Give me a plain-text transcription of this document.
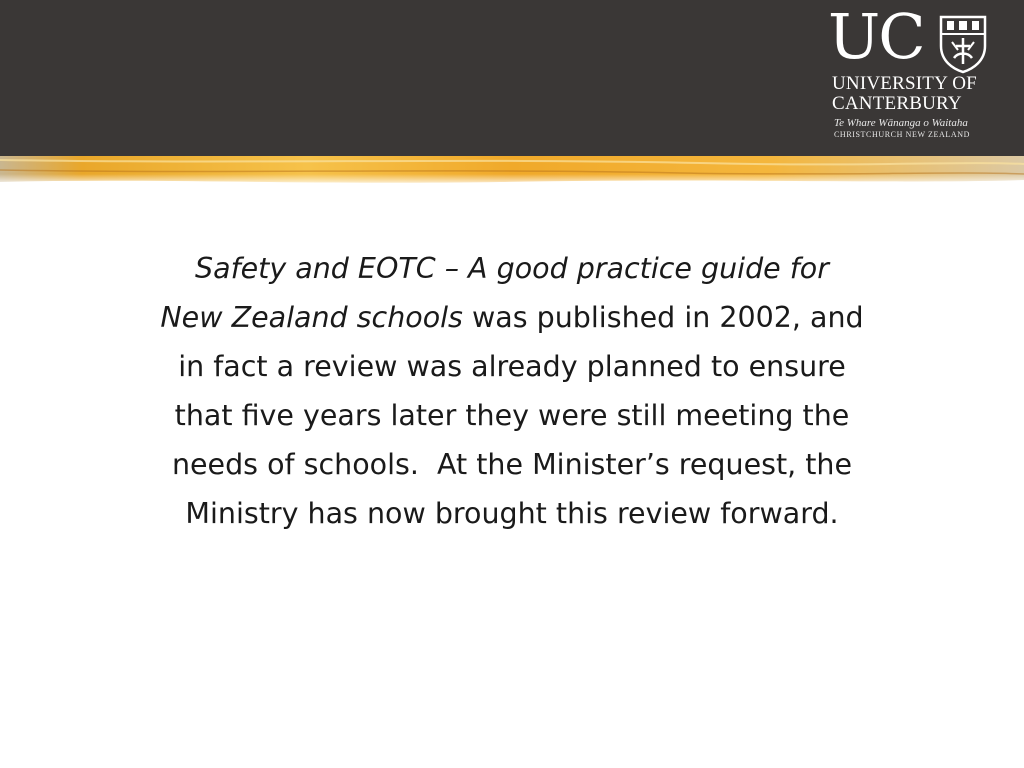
UC
UNIVERSITY OF
CANTERBURY
Te Whare Wānanga o Waitaha
CHRISTCHURCH NEW ZEALAND
Safety and EOTC – A good practice guide for
New Zealand schools was published in 2002, and
in fact a review was already planned to ensure
that five years later they were still meeting the
needs of schools.  At the Minister’s request, the
Ministry has now brought this review forward.
